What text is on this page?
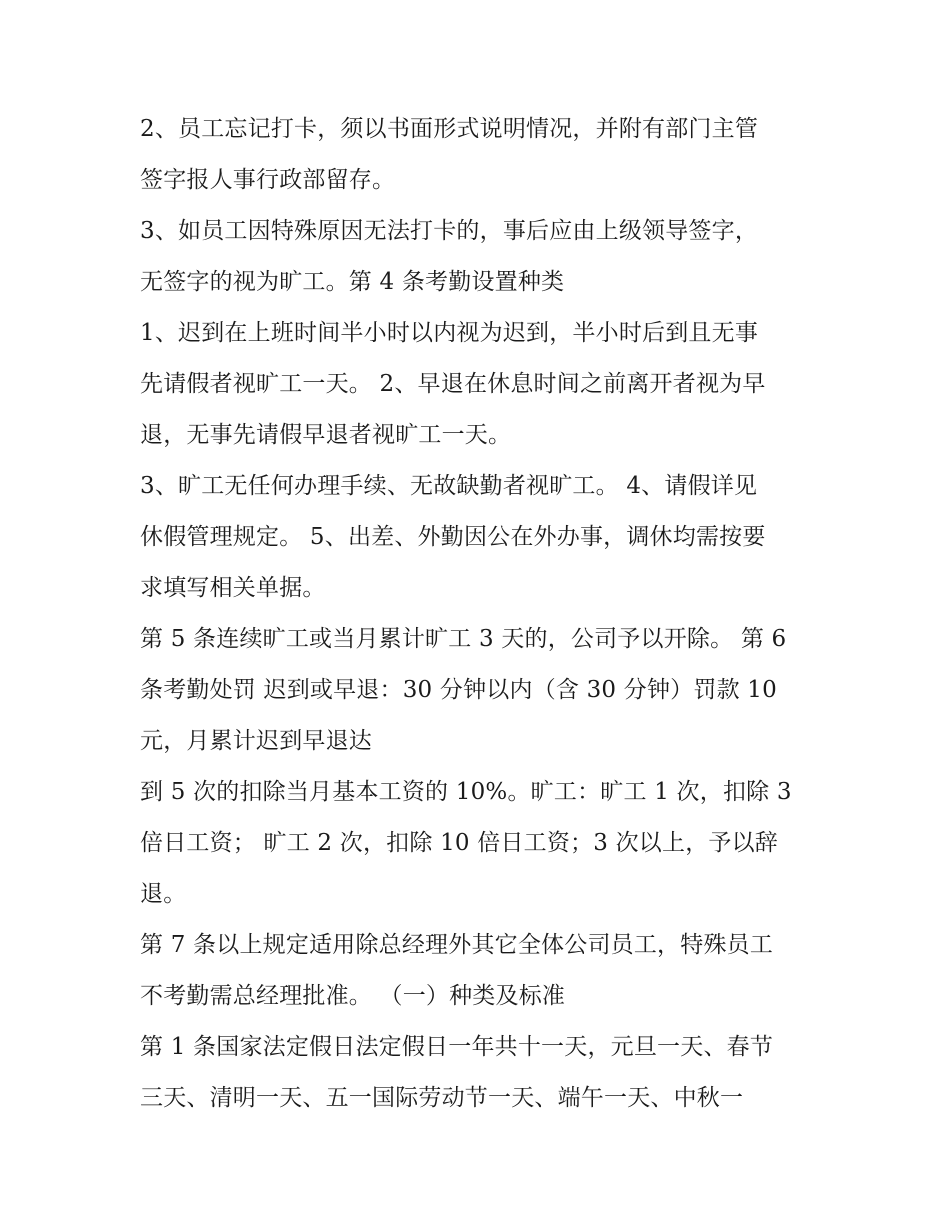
2、员工忘记打卡，须以书面形式说明情况，并附有部门主管
签字报人事行政部留存。
3、如员工因特殊原因无法打卡的，事后应由上级领导签字，
无签字的视为旷工。第 4 条考勤设置种类
1、迟到在上班时间半小时以内视为迟到，半小时后到且无事
先请假者视旷工一天。 2、早退在休息时间之前离开者视为早
退，无事先请假早退者视旷工一天。
3、旷工无任何办理手续、无故缺勤者视旷工。 4、请假详见
休假管理规定。 5、出差、外勤因公在外办事，调休均需按要
求填写相关单据。
第 5 条连续旷工或当月累计旷工 3 天的，公司予以开除。 第 6
条考勤处罚 迟到或早退：30 分钟以内（含 30 分钟）罚款 10
元，月累计迟到早退达
到 5 次的扣除当月基本工资的 10%。旷工：旷工 1 次，扣除 3
倍日工资； 旷工 2 次，扣除 10 倍日工资；3 次以上，予以辞
退。
第 7 条以上规定适用除总经理外其它全体公司员工，特殊员工
不考勤需总经理批准。 （一）种类及标准
第 1 条国家法定假日法定假日一年共十一天，元旦一天、春节
三天、清明一天、五一国际劳动节一天、端午一天、中秋一
